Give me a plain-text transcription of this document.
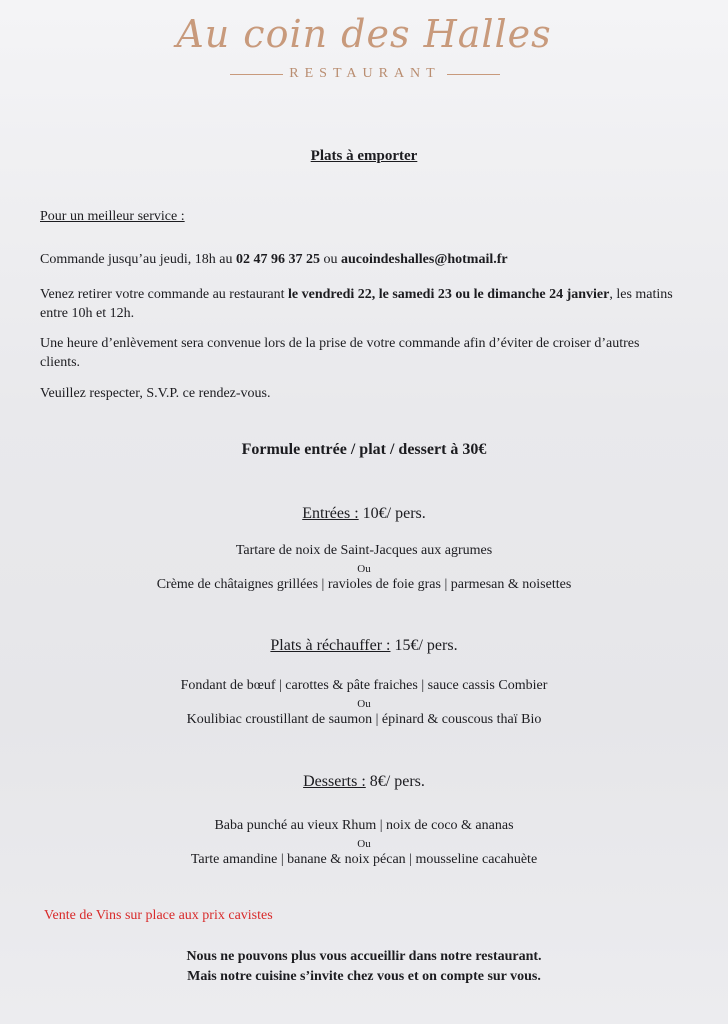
Au coin des Halles
RESTAURANT
Plats à emporter
Pour un meilleur service :
Commande jusqu’au jeudi, 18h au 02 47 96 37 25 ou aucoindeshalles@hotmail.fr
Venez retirer votre commande au restaurant le vendredi 22, le samedi 23 ou le dimanche 24 janvier, les matins entre 10h et 12h.
Une heure d’enlèvement sera convenue lors de la prise de votre commande afin d’éviter de croiser d’autres clients.
Veuillez respecter, S.V.P. ce rendez-vous.
Formule entrée / plat / dessert à 30€
Entrées : 10€/ pers.
Tartare de noix de Saint-Jacques aux agrumes
Ou
Crème de châtaignes grillées | ravioles de foie gras | parmesan & noisettes
Plats à réchauffer : 15€/ pers.
Fondant de bœuf | carottes & pâte fraiches | sauce cassis Combier
Ou
Koulibiac croustillant de saumon | épinard & couscous thaï Bio
Desserts : 8€/ pers.
Baba punché au vieux Rhum | noix de coco & ananas
Ou
Tarte amandine | banane & noix pécan | mousseline cacahuète
Vente de Vins sur place aux prix cavistes
Nous ne pouvons plus vous accueillir dans notre restaurant.
Mais notre cuisine s’invite chez vous et on compte sur vous.
